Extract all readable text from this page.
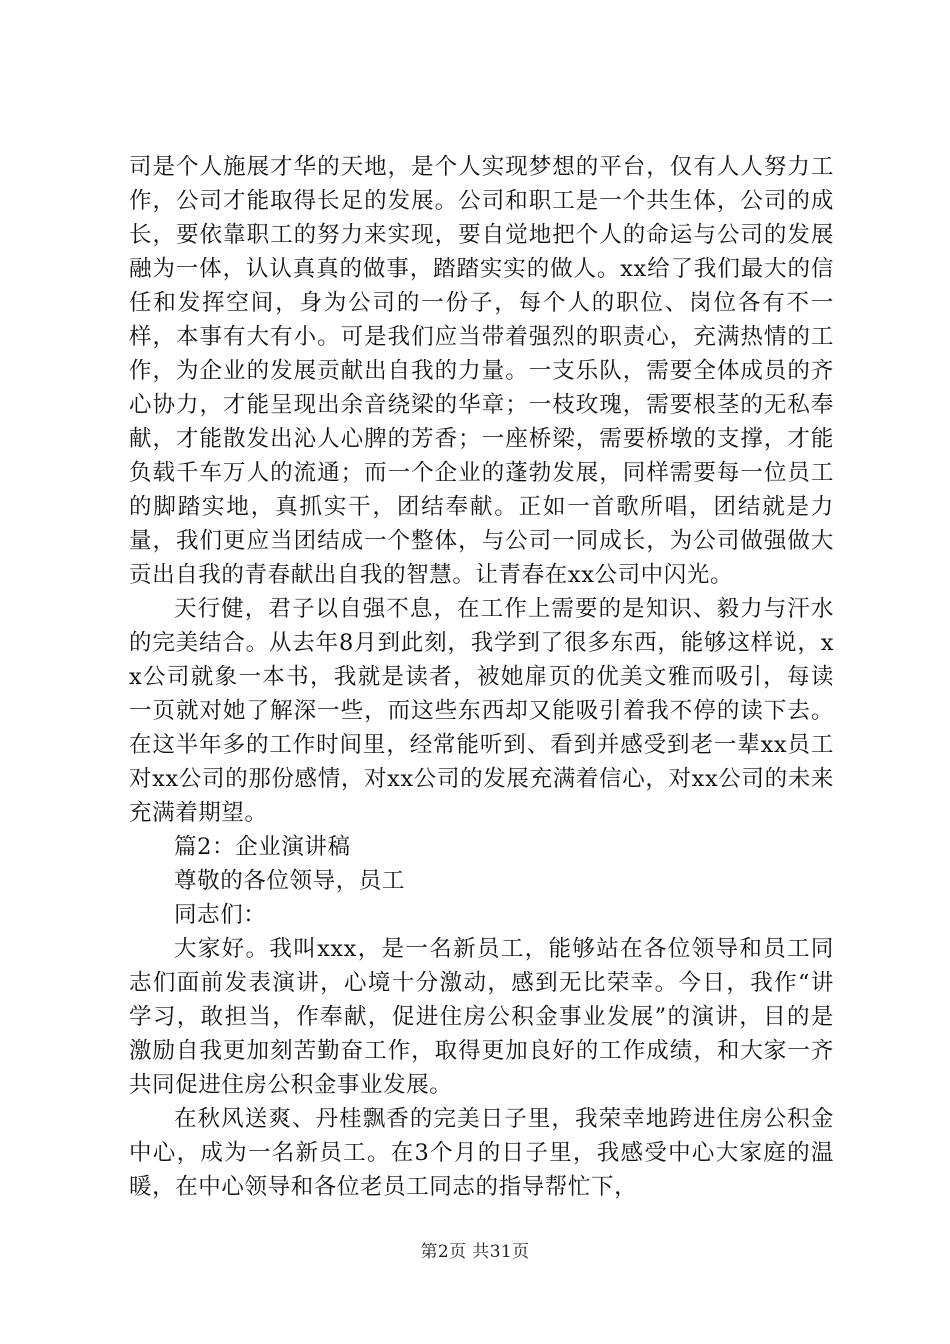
司是个人施展才华的天地，是个人实现梦想的平台，仅有人人努力工作，公司才能取得长足的发展。公司和职工是一个共生体，公司的成长，要依靠职工的努力来实现，要自觉地把个人的命运与公司的发展融为一体，认认真真的做事，踏踏实实的做人。xx给了我们最大的信任和发挥空间，身为公司的一份子，每个人的职位、岗位各有不一样，本事有大有小。可是我们应当带着强烈的职责心，充满热情的工作，为企业的发展贡献出自我的力量。一支乐队，需要全体成员的齐心协力，才能呈现出余音绕梁的华章；一枝玫瑰，需要根茎的无私奉献，才能散发出沁人心脾的芳香；一座桥梁，需要桥墩的支撑，才能负载千车万人的流通；而一个企业的蓬勃发展，同样需要每一位员工的脚踏实地，真抓实干，团结奉献。正如一首歌所唱，团结就是力量，我们更应当团结成一个整体，与公司一同成长，为公司做强做大贡出自我的青春献出自我的智慧。让青春在xx公司中闪光。

天行健，君子以自强不息，在工作上需要的是知识、毅力与汗水的完美结合。从去年8月到此刻，我学到了很多东西，能够这样说，xx公司就象一本书，我就是读者，被她扉页的优美文雅而吸引，每读一页就对她了解深一些，而这些东西却又能吸引着我不停的读下去。在这半年多的工作时间里，经常能听到、看到并感受到老一辈xx员工对xx公司的那份感情，对xx公司的发展充满着信心，对xx公司的未来充满着期望。

篇2：企业演讲稿

尊敬的各位领导，员工

同志们：

大家好。我叫xxx，是一名新员工，能够站在各位领导和员工同志们面前发表演讲，心境十分激动，感到无比荣幸。今日，我作“讲学习，敢担当，作奉献，促进住房公积金事业发展”的演讲，目的是激励自我更加刻苦勤奋工作，取得更加良好的工作成绩，和大家一齐共同促进住房公积金事业发展。

在秋风送爽、丹桂飘香的完美日子里，我荣幸地跨进住房公积金中心，成为一名新员工。在3个月的日子里，我感受中心大家庭的温暖，在中心领导和各位老员工同志的指导帮忙下，

第2页 共31页
